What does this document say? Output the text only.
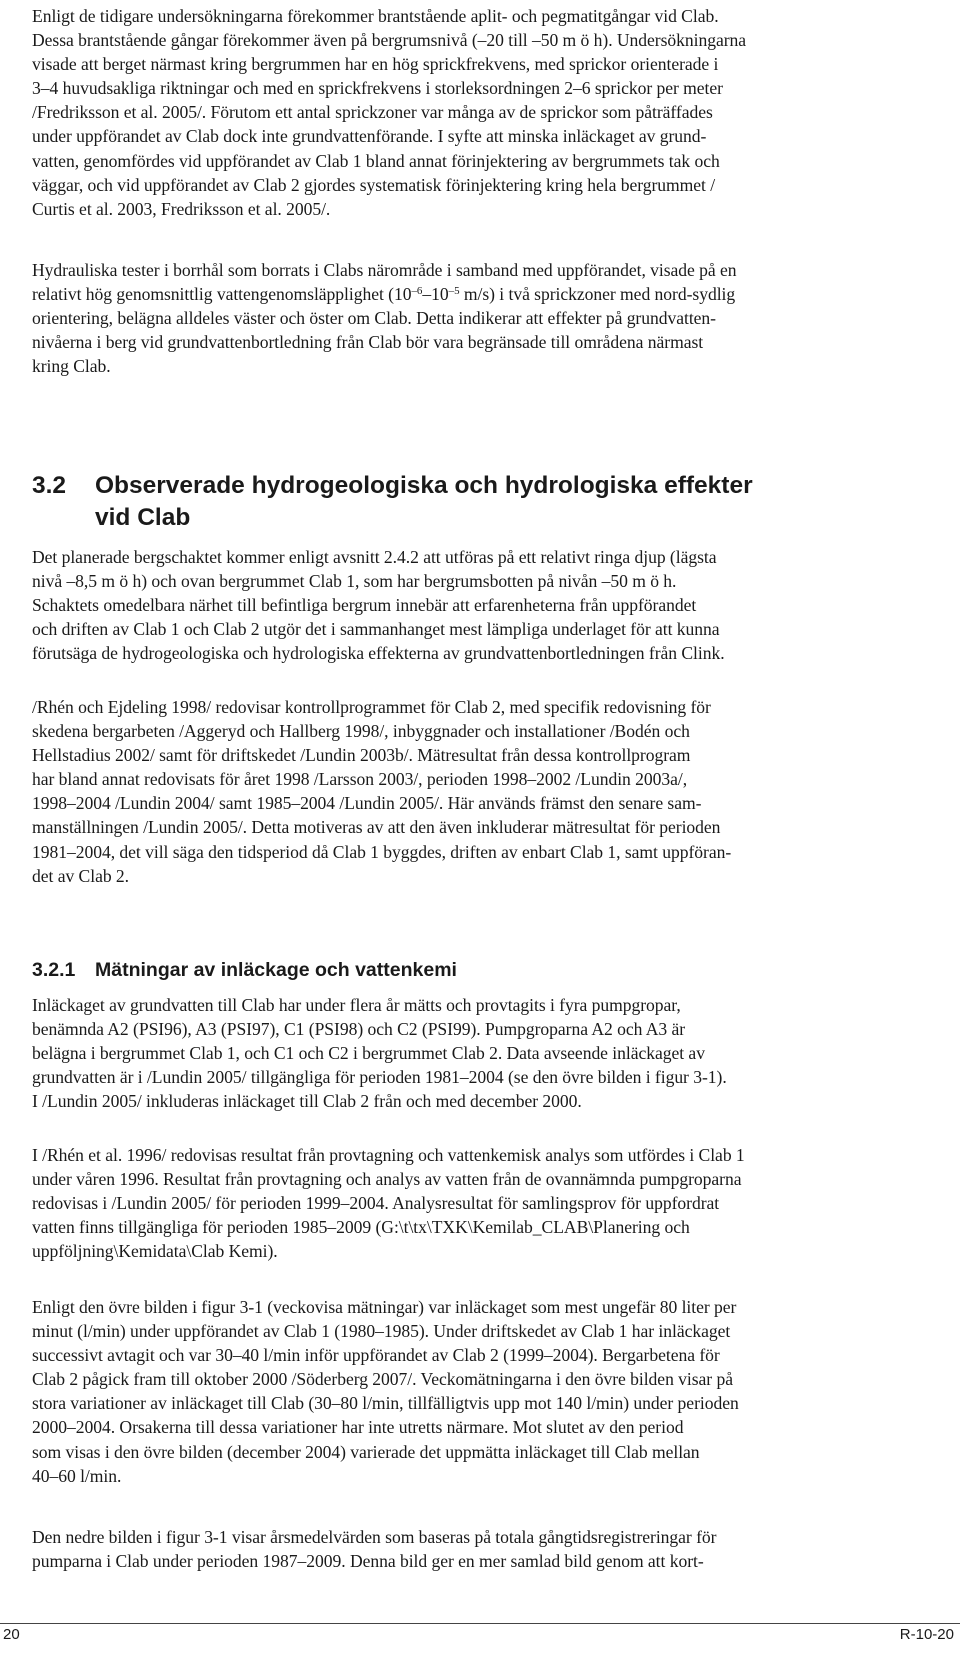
Enligt de tidigare undersökningarna förekommer brantstående aplit- och pegmatitgångar vid Clab.

Dessa brantstående gångar förekommer även på bergrumsnivå (–20 till –50 m ö h). Undersökningarna

visade att berget närmast kring bergrummen har en hög sprickfrekvens, med sprickor orienterade i

3–4 huvudsakliga riktningar och med en sprickfrekvens i storleksordningen 2–6 sprickor per meter

/Fredriksson et al. 2005/. Förutom ett antal sprickzoner var många av de sprickor som påträffades

under uppförandet av Clab dock inte grundvattenförande. I syfte att minska inläckaget av grund-

vatten, genomfördes vid uppförandet av Clab 1 bland annat förinjektering av bergrummets tak och

väggar, och vid uppförandet av Clab 2 gjordes systematisk förinjektering kring hela bergrummet /

Curtis et al. 2003, Fredriksson et al. 2005/.

Hydrauliska tester i borrhål som borrats i Clabs närområde i samband med uppförandet, visade på en

relativt hög genomsnittlig vattengenomsläpplighet ($10^{-6}-10^{-5}$ m/s) i två sprickzoner med nord-sydlig

orientering, belägna alldeles väster och öster om Clab. Detta indikerar att effekter på grundvatten-

nivåerna i berg vid grundvattenbortledning från Clab bör vara begränsade till områdena närmast

kring Clab.

3.2 Observerade hydrogeologiska och hydrologiska effekter
vid Clab

Det planerade bergschaktet kommer enligt avsnitt 2.4.2 att utföras på ett relativt ringa djup (lägsta

nivå –8,5 m ö h) och ovan bergrummet Clab 1, som har bergrumsbotten på nivån –50 m ö h.

Schaktets omedelbara närhet till befintliga bergrum innebär att erfarenheterna från uppförandet

och driften av Clab 1 och Clab 2 utgör det i sammanhanget mest lämpliga underlaget för att kunna

förutsäga de hydrogeologiska och hydrologiska effekterna av grundvattenbortledningen från Clink.

/Rhén och Ejdeling 1998/ redovisar kontrollprogrammet för Clab 2, med specifik redovisning för

skedena bergarbeten /Aggeryd och Hallberg 1998/, inbyggnader och installationer /Bodén och

Hellstadius 2002/ samt för driftskedet /Lundin 2003b/. Mätresultat från dessa kontrollprogram

har bland annat redovisats för året 1998 /Larsson 2003/, perioden 1998–2002 /Lundin 2003a/,

1998–2004 /Lundin 2004/ samt 1985–2004 /Lundin 2005/. Här används främst den senare sam-

manställningen /Lundin 2005/. Detta motiveras av att den även inkluderar mätresultat för perioden

1981–2004, det vill säga den tidsperiod då Clab 1 byggdes, driften av enbart Clab 1, samt uppföran-

det av Clab 2.

3.2.1 Mätningar av inläckage och vattenkemi

Inläckaget av grundvatten till Clab har under flera år mätts och provtagits i fyra pumpgropar,

benämnda A2 (PSI96), A3 (PSI97), C1 (PSI98) och C2 (PSI99). Pumpgroparna A2 och A3 är

belägna i bergrummet Clab 1, och C1 och C2 i bergrummet Clab 2. Data avseende inläckaget av

grundvatten är i /Lundin 2005/ tillgängliga för perioden 1981–2004 (se den övre bilden i figur 3-1).

I /Lundin 2005/ inkluderas inläckaget till Clab 2 från och med december 2000.

I /Rhén et al. 1996/ redovisas resultat från provtagning och vattenkemisk analys som utfördes i Clab 1

under våren 1996. Resultat från provtagning och analys av vatten från de ovannämnda pumpgroparna

redovisas i /Lundin 2005/ för perioden 1999–2004. Analysresultat för samlingsprov för uppfordrat

vatten finns tillgängliga för perioden 1985–2009 (G:\t\tx\TXK\Kemilab_CLAB\Planering och

uppföljning\Kemidata\Clab Kemi).

Enligt den övre bilden i figur 3-1 (veckovisa mätningar) var inläckaget som mest ungefär 80 liter per

minut (l/min) under uppförandet av Clab 1 (1980–1985). Under driftskedet av Clab 1 har inläckaget

successivt avtagit och var 30–40 l/min inför uppförandet av Clab 2 (1999–2004). Bergarbetena för

Clab 2 pågick fram till oktober 2000 /Söderberg 2007/. Veckomätningarna i den övre bilden visar på

stora variationer av inläckaget till Clab (30–80 l/min, tillfälligtvis upp mot 140 l/min) under perioden

2000–2004. Orsakerna till dessa variationer har inte utretts närmare. Mot slutet av den period

som visas i den övre bilden (december 2004) varierade det uppmätta inläckaget till Clab mellan

40–60 l/min.

Den nedre bilden i figur 3-1 visar årsmedelvärden som baseras på totala gångtidsregistreringar för

pumparna i Clab under perioden 1987–2009. Denna bild ger en mer samlad bild genom att kort-

20	R-10-20
